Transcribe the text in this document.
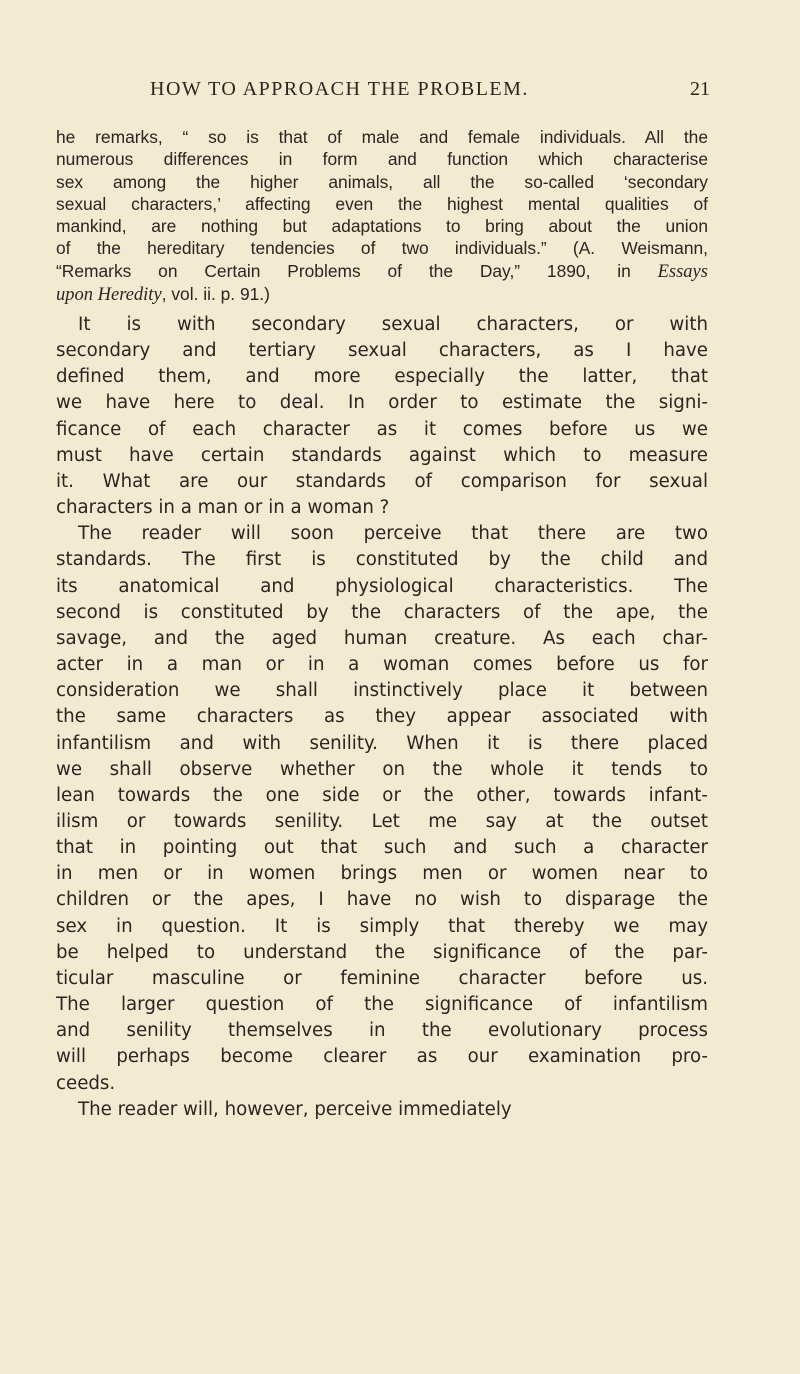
HOW TO APPROACH THE PROBLEM.	21
he remarks, “ so is that of male and female individuals. All the
numerous differences in form and function which characterise
sex among the higher animals, all the so-called ‘secondary
sexual characters,’ affecting even the highest mental qualities of
mankind, are nothing but adaptations to bring about the union
of the hereditary tendencies of two individuals.” (A. Weismann,
“Remarks on Certain Problems of the Day,” 1890, in Essays
upon Heredity, vol. ii. p. 91.)
It is with secondary sexual characters, or with
secondary and tertiary sexual characters, as I have
defined them, and more especially the latter, that
we have here to deal. In order to estimate the signi-
ficance of each character as it comes before us we
must have certain standards against which to measure
it. What are our standards of comparison for sexual
characters in a man or in a woman ?
The reader will soon perceive that there are two
standards. The first is constituted by the child and
its anatomical and physiological characteristics. The
second is constituted by the characters of the ape, the
savage, and the aged human creature. As each char-
acter in a man or in a woman comes before us for
consideration we shall instinctively place it between
the same characters as they appear associated with
infantilism and with senility. When it is there placed
we shall observe whether on the whole it tends to
lean towards the one side or the other, towards infant-
ilism or towards senility. Let me say at the outset
that in pointing out that such and such a character
in men or in women brings men or women near to
children or the apes, I have no wish to disparage the
sex in question. It is simply that thereby we may
be helped to understand the significance of the par-
ticular masculine or feminine character before us.
The larger question of the significance of infantilism
and senility themselves in the evolutionary process
will perhaps become clearer as our examination pro-
ceeds.
The reader will, however, perceive immediately
